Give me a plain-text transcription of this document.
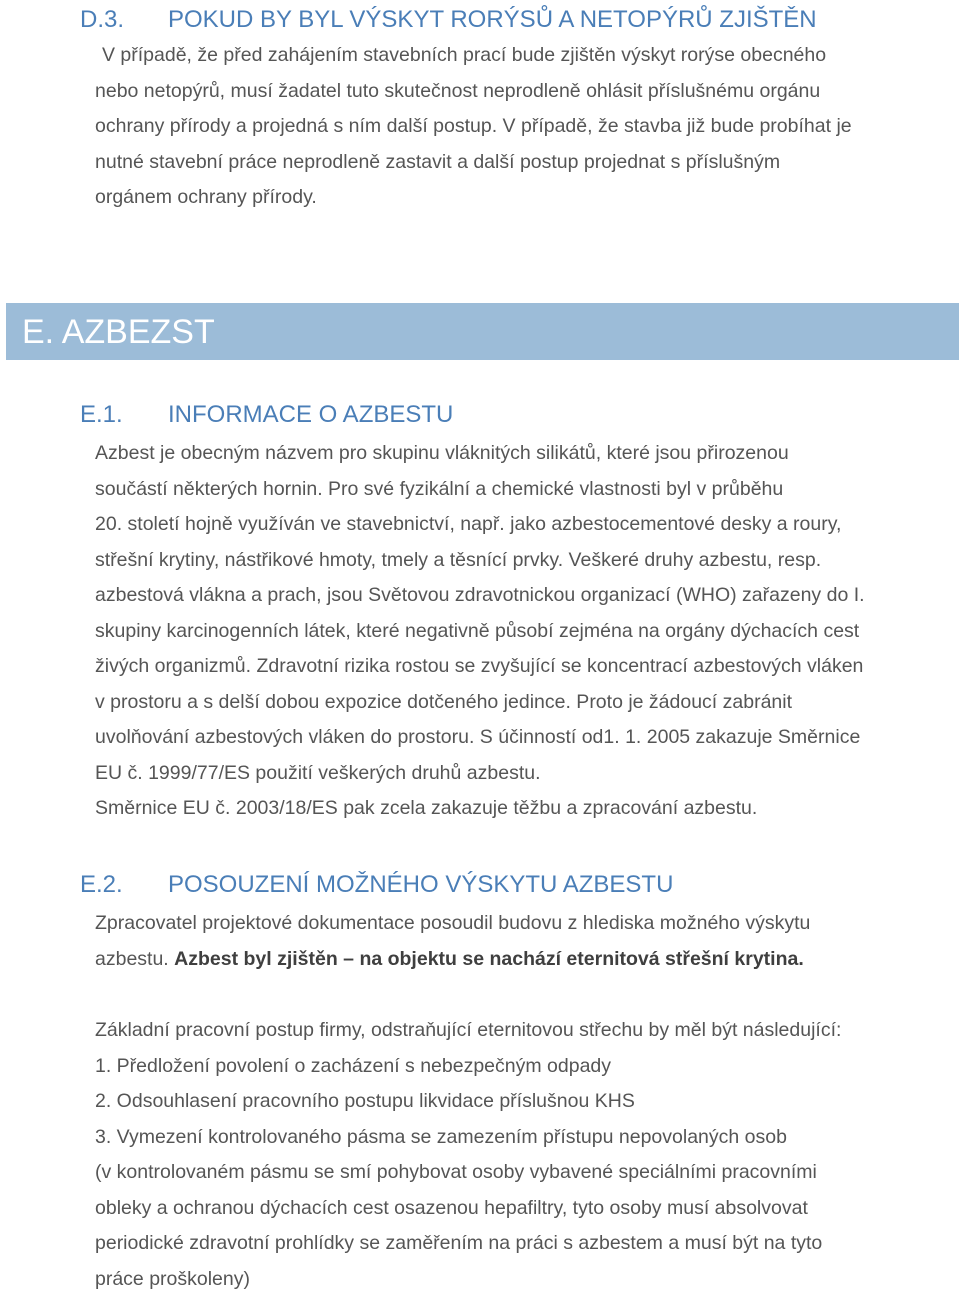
D.3. POKUD BY BYL VÝSKYT RORÝSŮ A NETOPÝRŮ ZJIŠTĚN
V případě, že před zahájením stavebních prací bude zjištěn výskyt rorýse obecného
nebo netopýrů, musí žadatel tuto skutečnost neprodleně ohlásit příslušnému orgánu
ochrany přírody a projedná s ním další postup. V případě, že stavba již bude probíhat je
nutné stavební práce neprodleně zastavit a další postup projednat s příslušným
orgánem ochrany přírody.
E. AZBEZST
E.1. INFORMACE O AZBESTU
Azbest je obecným názvem pro skupinu vláknitých silikátů, které jsou přirozenou
součástí některých hornin. Pro své fyzikální a chemické vlastnosti byl v průběhu
20. století hojně využíván ve stavebnictví, např. jako azbestocementové desky a roury,
střešní krytiny, nástřikové hmoty, tmely a těsnící prvky. Veškeré druhy azbestu, resp.
azbestová vlákna a prach, jsou Světovou zdravotnickou organizací (WHO) zařazeny do I.
skupiny karcinogenních látek, které negativně působí zejména na orgány dýchacích cest
živých organizmů. Zdravotní rizika rostou se zvyšující se koncentrací azbestových vláken
v prostoru a s delší dobou expozice dotčeného jedince. Proto je žádoucí zabránit
uvolňování azbestových vláken do prostoru. S účinností od1. 1. 2005 zakazuje Směrnice
EU č. 1999/77/ES použití veškerých druhů azbestu.
Směrnice EU č. 2003/18/ES pak zcela zakazuje těžbu a zpracování azbestu.
E.2. POSOUZENÍ MOŽNÉHO VÝSKYTU AZBESTU
Zpracovatel projektové dokumentace posoudil budovu z hlediska možného výskytu
azbestu. Azbest byl zjištěn – na objektu se nachází eternitová střešní krytina.
Základní pracovní postup firmy, odstraňující eternitovou střechu by měl být následující:
1. Předložení povolení o zacházení s nebezpečným odpady
2. Odsouhlasení pracovního postupu likvidace příslušnou KHS
3. Vymezení kontrolovaného pásma se zamezením přístupu nepovolaných osob
(v kontrolovaném pásmu se smí pohybovat osoby vybavené speciálními pracovními
obleky a ochranou dýchacích cest osazenou hepafiltry, tyto osoby musí absolvovat
periodické zdravotní prohlídky se zaměřením na práci s azbestem a musí být na tyto
práce proškoleny)
